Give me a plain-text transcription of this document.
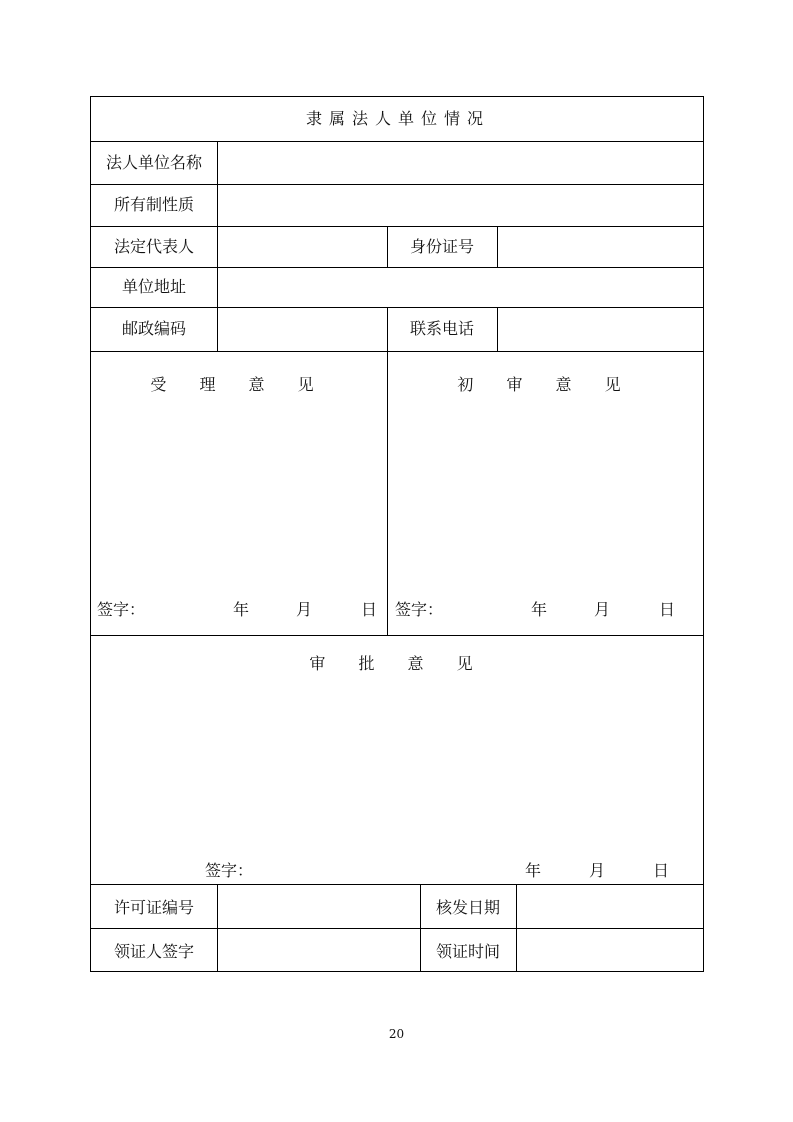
隶属法人单位情况
法人单位名称
所有制性质
法定代表人	身份证号
单位地址
邮政编码	联系电话
受 理 意 见
签字：	年	月	日
初 审 意 见
签字：	年	月	日
审 批 意 见
签字：	年	月	日
许可证编号	核发日期
领证人签字	领证时间
20
